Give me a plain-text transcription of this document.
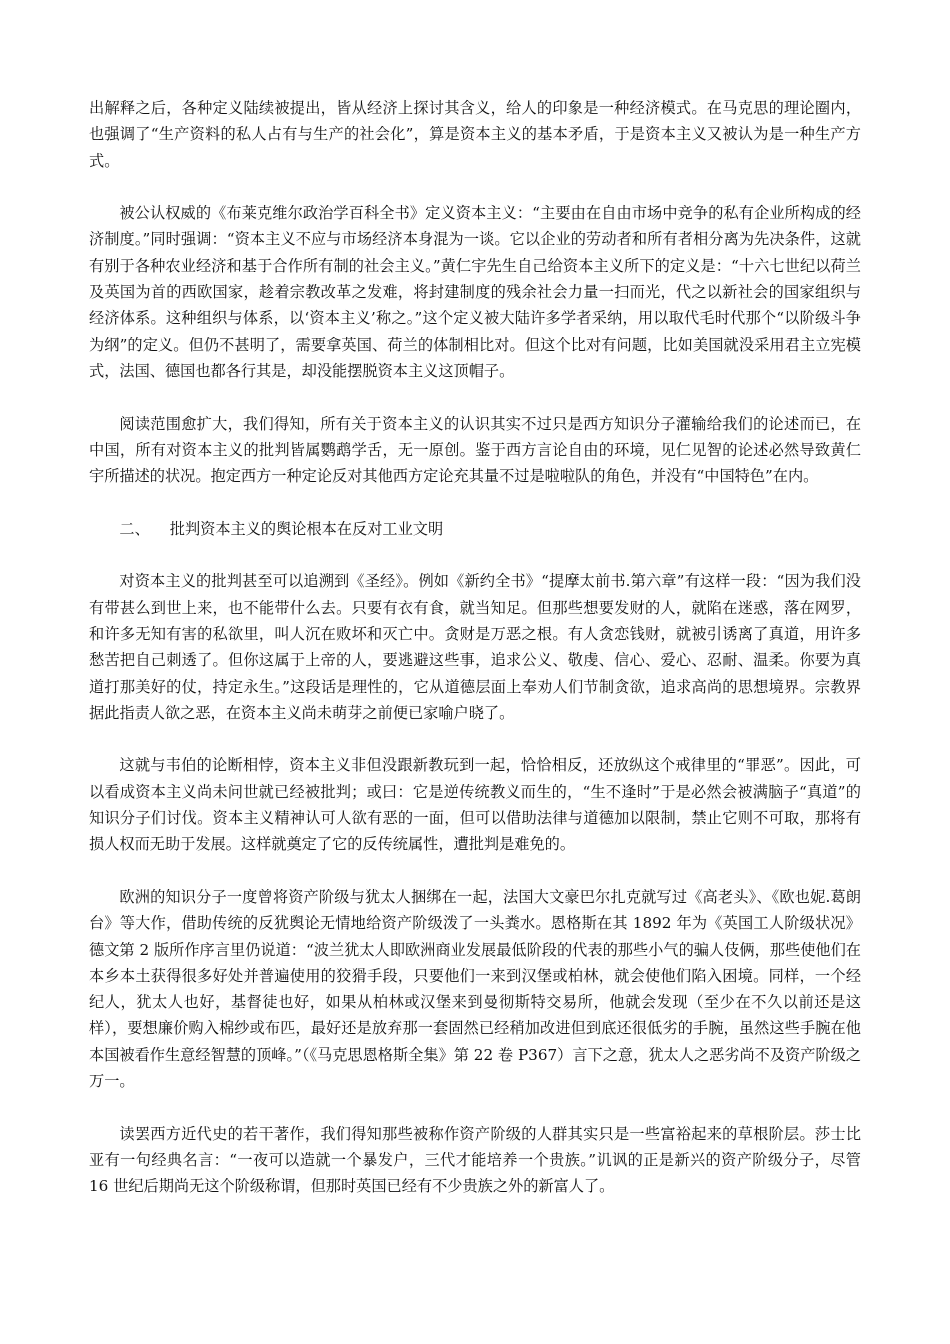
出解释之后，各种定义陆续被提出，皆从经济上探讨其含义，给人的印象是一种经济模式。在马克思的理论圈内，也强调了“生产资料的私人占有与生产的社会化”，算是资本主义的基本矛盾，于是资本主义又被认为是一种生产方式。

被公认权威的《布莱克维尔政治学百科全书》定义资本主义：“主要由在自由市场中竞争的私有企业所构成的经济制度。”同时强调：“资本主义不应与市场经济本身混为一谈。它以企业的劳动者和所有者相分离为先决条件，这就有别于各种农业经济和基于合作所有制的社会主义。”黄仁宇先生自己给资本主义所下的定义是：“十六七世纪以荷兰及英国为首的西欧国家，趁着宗教改革之发难，将封建制度的残余社会力量一扫而光，代之以新社会的国家组织与经济体系。这种组织与体系，以‘资本主义’称之。”这个定义被大陆许多学者采纳，用以取代毛时代那个“以阶级斗争为纲”的定义。但仍不甚明了，需要拿英国、荷兰的体制相比对。但这个比对有问题，比如美国就没采用君主立宪模式，法国、德国也都各行其是，却没能摆脱资本主义这顶帽子。

阅读范围愈扩大，我们得知，所有关于资本主义的认识其实不过只是西方知识分子灌输给我们的论述而已，在中国，所有对资本主义的批判皆属鹦鹉学舌，无一原创。鉴于西方言论自由的环境，见仁见智的论述必然导致黄仁宇所描述的状况。抱定西方一种定论反对其他西方定论充其量不过是啦啦队的角色，并没有“中国特色”在内。

二、 批判资本主义的舆论根本在反对工业文明

对资本主义的批判甚至可以追溯到《圣经》。例如《新约全书》“提摩太前书.第六章”有这样一段：“因为我们没有带甚么到世上来，也不能带什么去。只要有衣有食，就当知足。但那些想要发财的人，就陷在迷惑，落在网罗，和许多无知有害的私欲里，叫人沉在败坏和灭亡中。贪财是万恶之根。有人贪恋钱财，就被引诱离了真道，用许多愁苦把自己刺透了。但你这属于上帝的人，要逃避这些事，追求公义、敬虔、信心、爱心、忍耐、温柔。你要为真道打那美好的仗，持定永生。”这段话是理性的，它从道德层面上奉劝人们节制贪欲，追求高尚的思想境界。宗教界据此指责人欲之恶，在资本主义尚未萌芽之前便已家喻户晓了。

这就与韦伯的论断相悖，资本主义非但没跟新教玩到一起，恰恰相反，还放纵这个戒律里的“罪恶”。因此，可以看成资本主义尚未问世就已经被批判；或曰：它是逆传统教义而生的，“生不逢时”于是必然会被满脑子“真道”的知识分子们讨伐。资本主义精神认可人欲有恶的一面，但可以借助法律与道德加以限制，禁止它则不可取，那将有损人权而无助于发展。这样就奠定了它的反传统属性，遭批判是难免的。

欧洲的知识分子一度曾将资产阶级与犹太人捆绑在一起，法国大文豪巴尔扎克就写过《高老头》、《欧也妮.葛朗台》等大作，借助传统的反犹舆论无情地给资产阶级泼了一头粪水。恩格斯在其 1892 年为《英国工人阶级状况》德文第 2 版所作序言里仍说道：“波兰犹太人即欧洲商业发展最低阶段的代表的那些小气的骗人伎俩，那些使他们在本乡本土获得很多好处并普遍使用的狡猾手段，只要他们一来到汉堡或柏林，就会使他们陷入困境。同样，一个经纪人，犹太人也好，基督徒也好，如果从柏林或汉堡来到曼彻斯特交易所，他就会发现（至少在不久以前还是这样），要想廉价购入棉纱或布匹，最好还是放弃那一套固然已经稍加改进但到底还很低劣的手腕，虽然这些手腕在他本国被看作生意经智慧的顶峰。”（《马克思恩格斯全集》第 22 卷 P367）言下之意，犹太人之恶劣尚不及资产阶级之万一。

读罢西方近代史的若干著作，我们得知那些被称作资产阶级的人群其实只是一些富裕起来的草根阶层。莎士比亚有一句经典名言：“一夜可以造就一个暴发户，三代才能培养一个贵族。”讥讽的正是新兴的资产阶级分子，尽管 16 世纪后期尚无这个阶级称谓，但那时英国已经有不少贵族之外的新富人了。
